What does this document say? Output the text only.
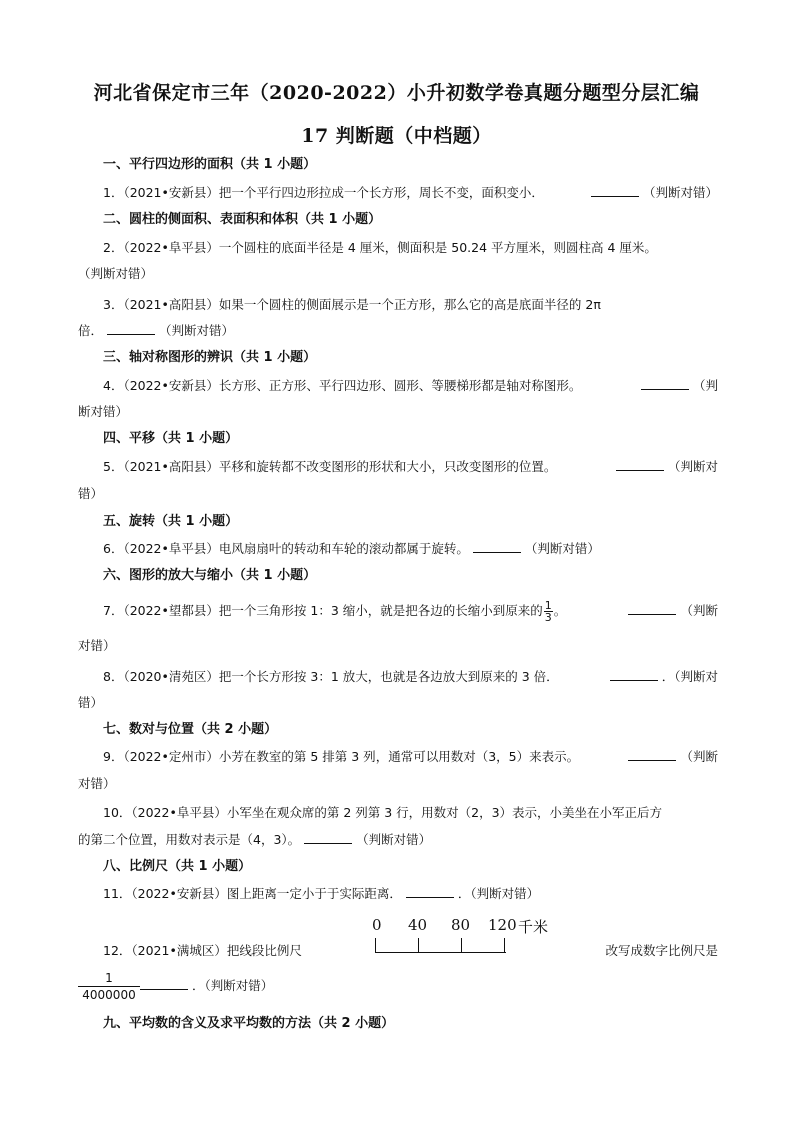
河北省保定市三年（2020-2022）小升初数学卷真题分题型分层汇编
17 判断题（中档题）
一、平行四边形的面积（共 1 小题）
1．（2021•安新县）把一个平行四边形拉成一个长方形，周长不变，面积变小．	（判断对错）
二、圆柱的侧面积、表面积和体积（共 1 小题）
2．（2022•阜平县）一个圆柱的底面半径是 4 厘米，侧面积是 50.24 平方厘米，则圆柱高 4 厘米。
（判断对错）
3．（2021•高阳县）如果一个圆柱的侧面展示是一个正方形，那么它的高是底面半径的 2π
倍．	（判断对错）
三、轴对称图形的辨识（共 1 小题）
4．（2022•安新县）长方形、正方形、平行四边形、圆形、等腰梯形都是轴对称图形。	（判
断对错）
四、平移（共 1 小题）
5．（2021•高阳县）平移和旋转都不改变图形的形状和大小，只改变图形的位置。	（判断对
错）
五、旋转（共 1 小题）
6．（2022•阜平县）电风扇扇叶的转动和车轮的滚动都属于旋转。	（判断对错）
六、图形的放大与缩小（共 1 小题）
7．（2022•望都县）把一个三角形按 1：3 缩小，就是把各边的长缩小到原来的 $\frac{1}{3}$ 。	（判断
对错）
8．（2020•清苑区）把一个长方形按 3：1 放大，也就是各边放大到原来的 3 倍．	．（判断对
错）
七、数对与位置（共 2 小题）
9．（2022•定州市）小芳在教室的第 5 排第 3 列，通常可以用数对（3，5）来表示。	（判断
对错）
10．（2022•阜平县）小军坐在观众席的第 2 列第 3 行，用数对（2，3）表示，小美坐在小军正后方
的第二个位置，用数对表示是（4，3）。	（判断对错）
八、比例尺（共 1 小题）
11．（2022•安新县）图上距离一定小于于实际距离．	．（判断对错）
12．（2021•满城区）把线段比例尺
0 40 80 120 千米
改写成数字比例尺是
$\frac{1}{4000000}$	．（判断对错）
九、平均数的含义及求平均数的方法（共 2 小题）
